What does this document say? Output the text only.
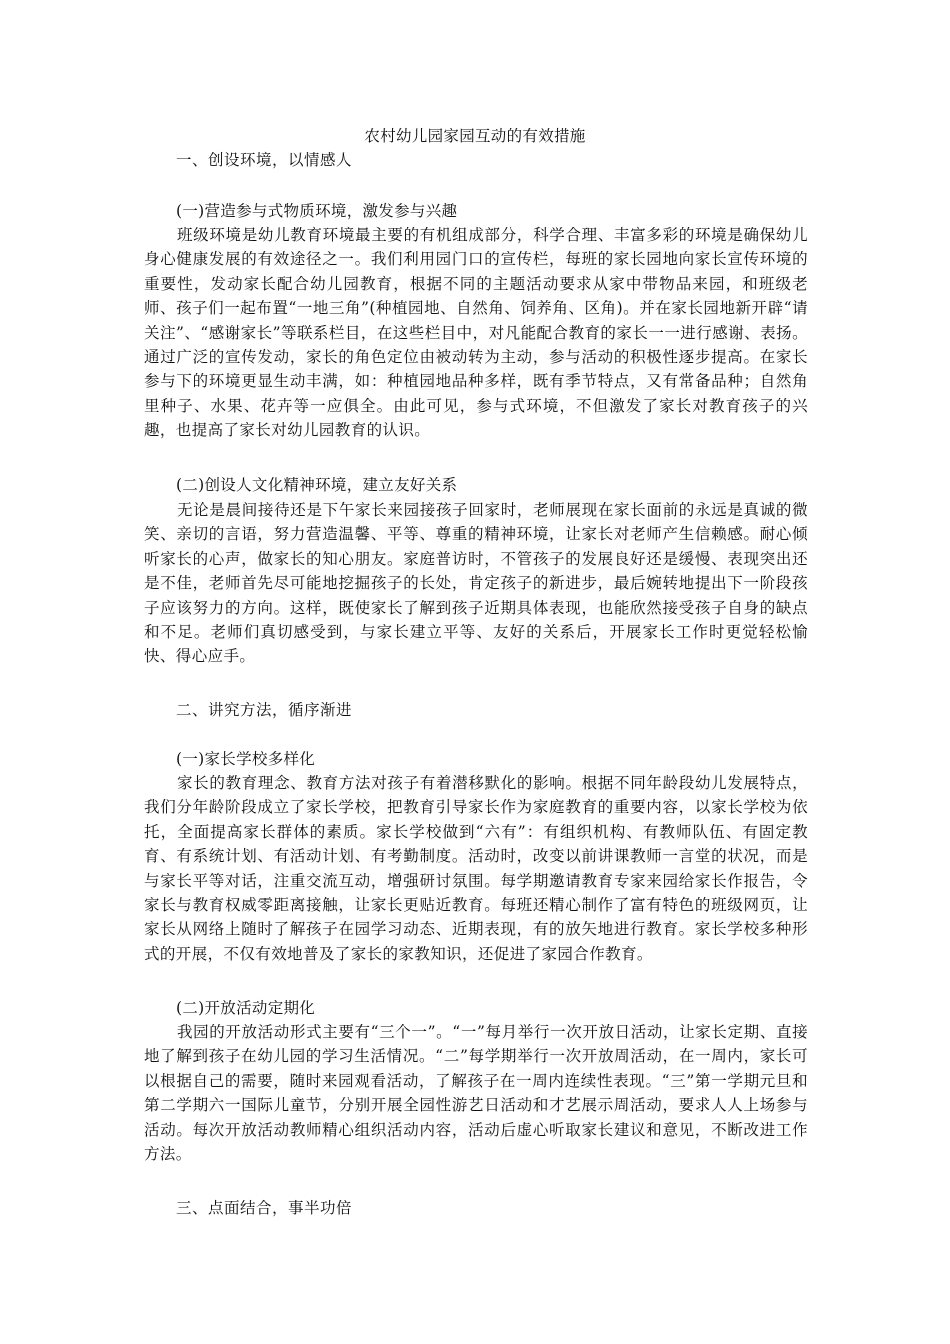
农村幼儿园家园互动的有效措施
一、创设环境，以情感人
(一)营造参与式物质环境，激发参与兴趣
班级环境是幼儿教育环境最主要的有机组成部分，科学合理、丰富多彩的环境是确保幼儿身心健康发展的有效途径之一。我们利用园门口的宣传栏，每班的家长园地向家长宣传环境的重要性，发动家长配合幼儿园教育，根据不同的主题活动要求从家中带物品来园，和班级老师、孩子们一起布置“一地三角”(种植园地、自然角、饲养角、区角)。并在家长园地新开辟“请关注”、“感谢家长”等联系栏目，在这些栏目中，对凡能配合教育的家长一一进行感谢、表扬。通过广泛的宣传发动，家长的角色定位由被动转为主动，参与活动的积极性逐步提高。在家长参与下的环境更显生动丰满，如：种植园地品种多样，既有季节特点，又有常备品种；自然角里种子、水果、花卉等一应俱全。由此可见，参与式环境，不但激发了家长对教育孩子的兴趣，也提高了家长对幼儿园教育的认识。
(二)创设人文化精神环境，建立友好关系
无论是晨间接待还是下午家长来园接孩子回家时，老师展现在家长面前的永远是真诚的微笑、亲切的言语，努力营造温馨、平等、尊重的精神环境，让家长对老师产生信赖感。耐心倾听家长的心声，做家长的知心朋友。家庭普访时，不管孩子的发展良好还是缓慢、表现突出还是不佳，老师首先尽可能地挖掘孩子的长处，肯定孩子的新进步，最后婉转地提出下一阶段孩子应该努力的方向。这样，既使家长了解到孩子近期具体表现，也能欣然接受孩子自身的缺点和不足。老师们真切感受到，与家长建立平等、友好的关系后，开展家长工作时更觉轻松愉快、得心应手。
二、讲究方法，循序渐进
(一)家长学校多样化
家长的教育理念、教育方法对孩子有着潜移默化的影响。根据不同年龄段幼儿发展特点，我们分年龄阶段成立了家长学校，把教育引导家长作为家庭教育的重要内容，以家长学校为依托，全面提高家长群体的素质。家长学校做到“六有”：有组织机构、有教师队伍、有固定教育、有系统计划、有活动计划、有考勤制度。活动时，改变以前讲课教师一言堂的状况，而是与家长平等对话，注重交流互动，增强研讨氛围。每学期邀请教育专家来园给家长作报告，令家长与教育权威零距离接触，让家长更贴近教育。每班还精心制作了富有特色的班级网页，让家长从网络上随时了解孩子在园学习动态、近期表现，有的放矢地进行教育。家长学校多种形式的开展，不仅有效地普及了家长的家教知识，还促进了家园合作教育。
(二)开放活动定期化
我园的开放活动形式主要有“三个一”。“一”每月举行一次开放日活动，让家长定期、直接地了解到孩子在幼儿园的学习生活情况。“二”每学期举行一次开放周活动，在一周内，家长可以根据自己的需要，随时来园观看活动，了解孩子在一周内连续性表现。“三”第一学期元旦和第二学期六一国际儿童节，分别开展全园性游艺日活动和才艺展示周活动，要求人人上场参与活动。每次开放活动教师精心组织活动内容，活动后虚心听取家长建议和意见，不断改进工作方法。
三、点面结合，事半功倍
